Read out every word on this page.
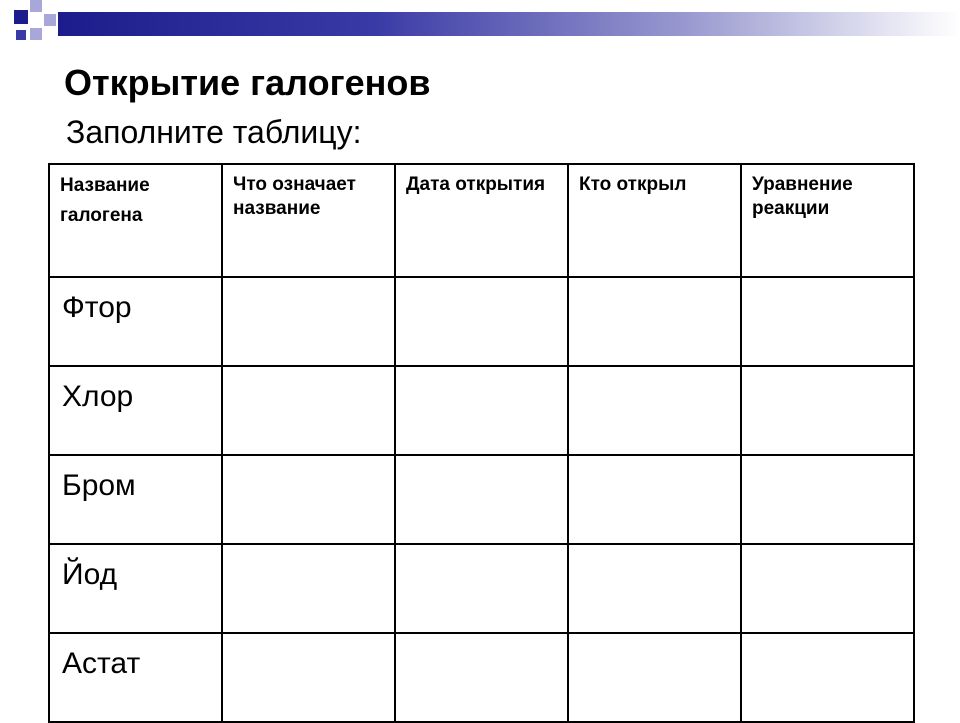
Открытие галогенов
Заполните таблицу:
Название галогена	Что означает название	Дата открытия	Кто открыл	Уравнение реакции
Фтор				
Хлор				
Бром				
Йод				
Астат				
